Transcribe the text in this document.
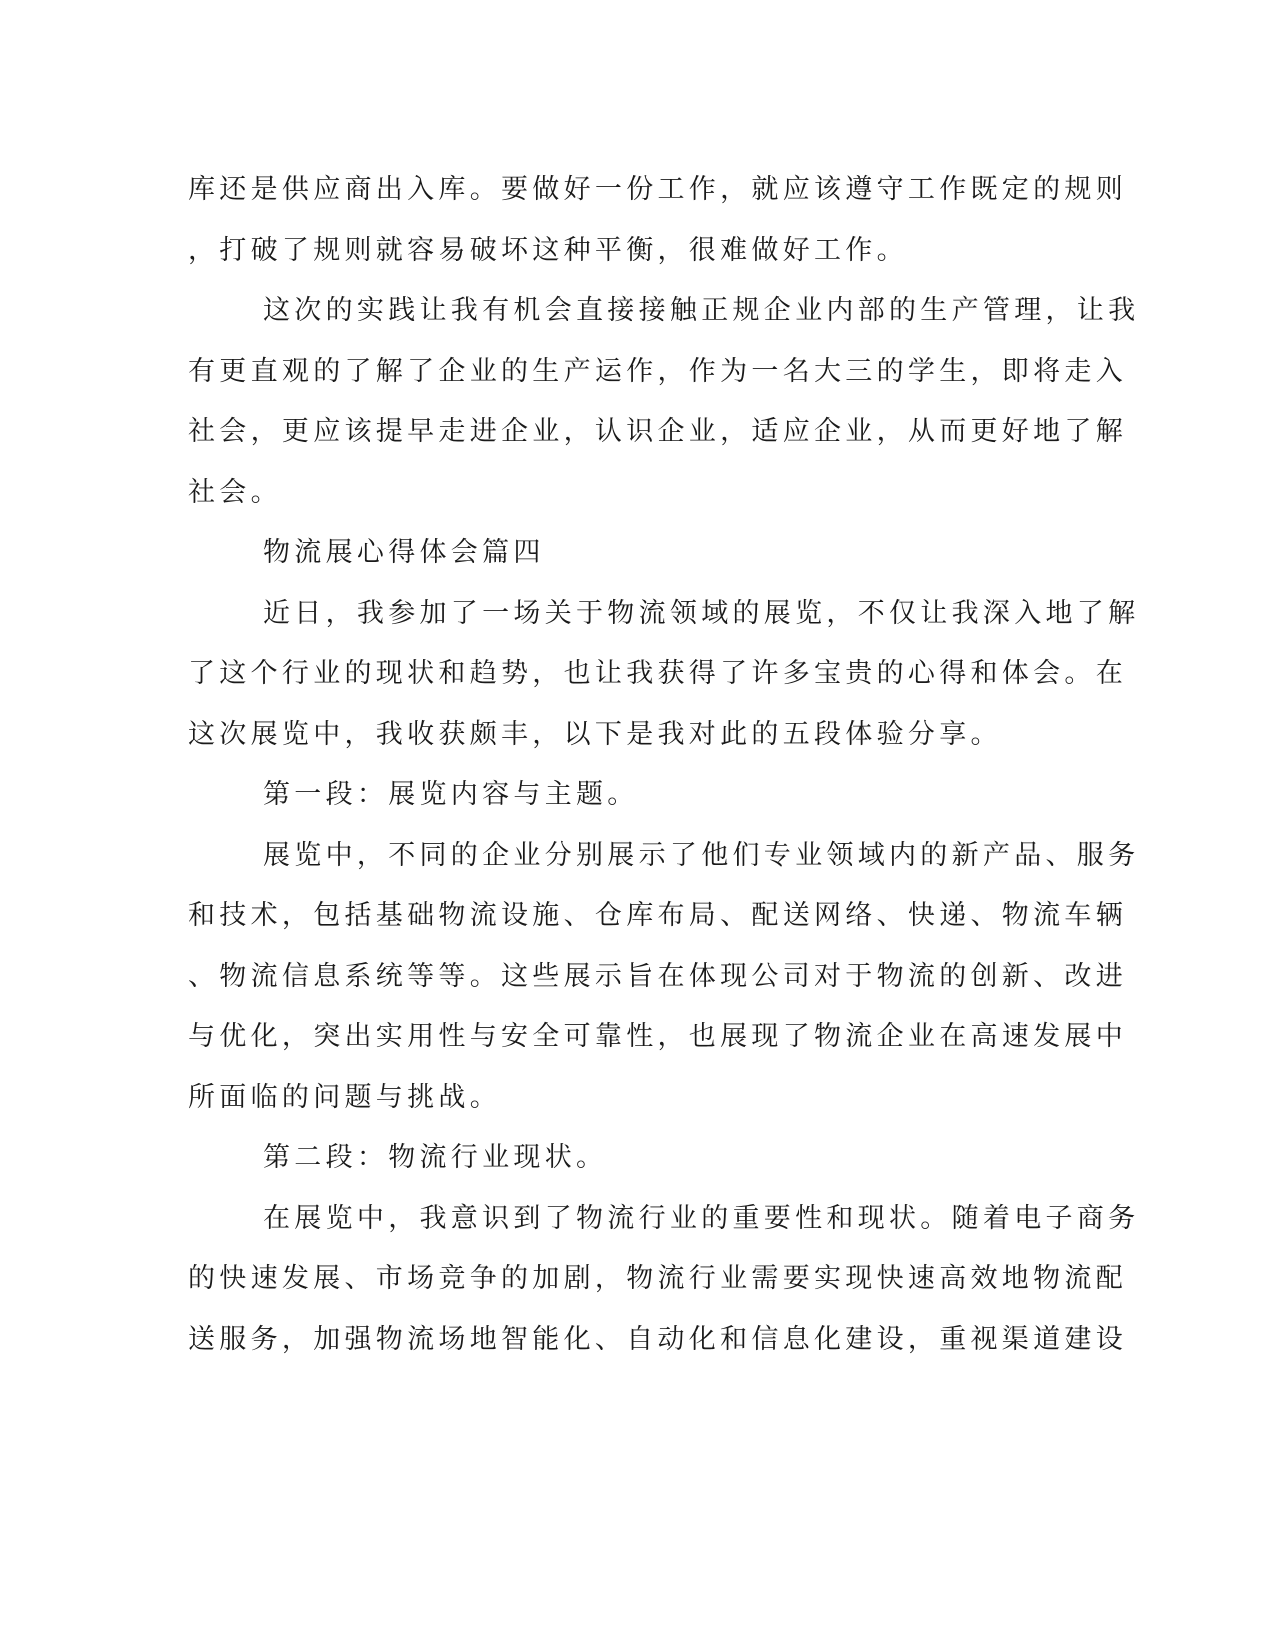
库还是供应商出入库。要做好一份工作，就应该遵守工作既定的规则
，打破了规则就容易破坏这种平衡，很难做好工作。
这次的实践让我有机会直接接触正规企业内部的生产管理，让我
有更直观的了解了企业的生产运作，作为一名大三的学生，即将走入
社会，更应该提早走进企业，认识企业，适应企业，从而更好地了解
社会。
物流展心得体会篇四
近日，我参加了一场关于物流领域的展览，不仅让我深入地了解
了这个行业的现状和趋势，也让我获得了许多宝贵的心得和体会。在
这次展览中，我收获颇丰，以下是我对此的五段体验分享。
第一段：展览内容与主题。
展览中，不同的企业分别展示了他们专业领域内的新产品、服务
和技术，包括基础物流设施、仓库布局、配送网络、快递、物流车辆
、物流信息系统等等。这些展示旨在体现公司对于物流的创新、改进
与优化，突出实用性与安全可靠性，也展现了物流企业在高速发展中
所面临的问题与挑战。
第二段：物流行业现状。
在展览中，我意识到了物流行业的重要性和现状。随着电子商务
的快速发展、市场竞争的加剧，物流行业需要实现快速高效地物流配
送服务，加强物流场地智能化、自动化和信息化建设，重视渠道建设
